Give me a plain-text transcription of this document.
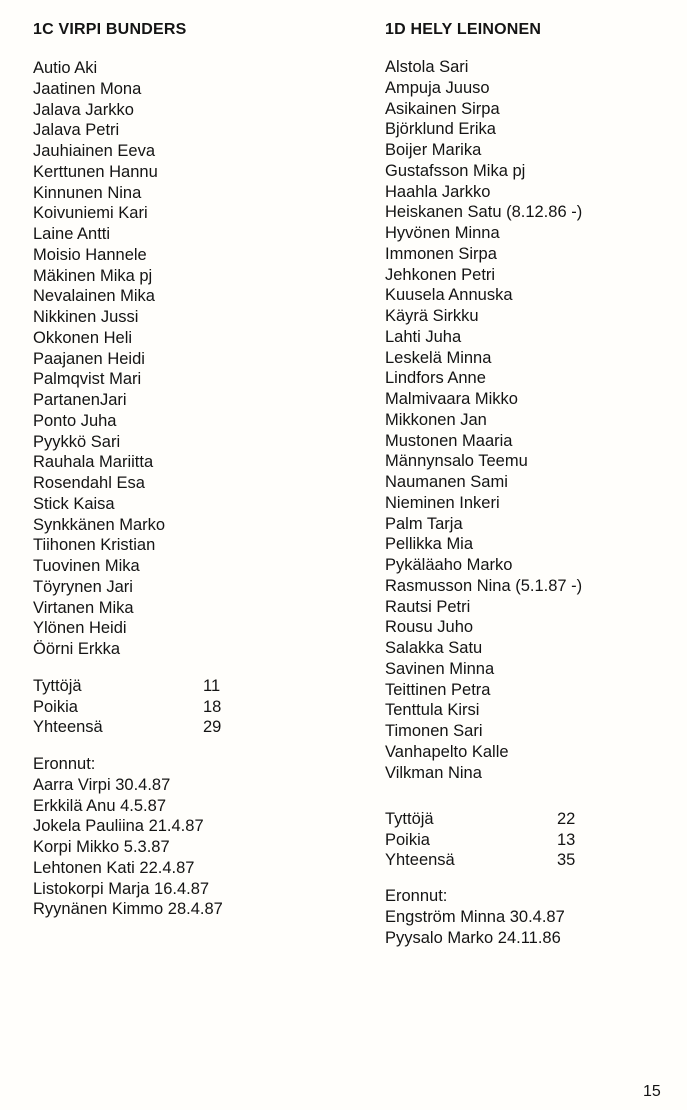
1C VIRPI BUNDERS
Autio Aki
Jaatinen Mona
Jalava Jarkko
Jalava Petri
Jauhiainen Eeva
Kerttunen Hannu
Kinnunen Nina
Koivuniemi Kari
Laine Antti
Moisio Hannele
Mäkinen Mika pj
Nevalainen Mika
Nikkinen Jussi
Okkonen Heli
Paajanen Heidi
Palmqvist Mari
PartanenJari
Ponto Juha
Pyykkö Sari
Rauhala Mariitta
Rosendahl Esa
Stick Kaisa
Synkkänen Marko
Tiihonen Kristian
Tuovinen Mika
Töyrynen Jari
Virtanen Mika
Ylönen Heidi
Öörni Erkka
Tyttöjä	11
Poikia	18
Yhteensä	29
Eronnut:
Aarra Virpi 30.4.87
Erkkilä Anu 4.5.87
Jokela Pauliina 21.4.87
Korpi Mikko 5.3.87
Lehtonen Kati 22.4.87
Listokorpi Marja 16.4.87
Ryynänen Kimmo 28.4.87
1D HELY LEINONEN
Alstola Sari
Ampuja Juuso
Asikainen Sirpa
Björklund Erika
Boijer Marika
Gustafsson Mika pj
Haahla Jarkko
Heiskanen Satu (8.12.86 -)
Hyvönen Minna
Immonen Sirpa
Jehkonen Petri
Kuusela Annuska
Käyrä Sirkku
Lahti Juha
Leskelä Minna
Lindfors Anne
Malmivaara Mikko
Mikkonen Jan
Mustonen Maaria
Männynsalo Teemu
Naumanen Sami
Nieminen Inkeri
Palm Tarja
Pellikka Mia
Pykäläaho Marko
Rasmusson Nina (5.1.87 -)
Rautsi Petri
Rousu Juho
Salakka Satu
Savinen Minna
Teittinen Petra
Tenttula Kirsi
Timonen Sari
Vanhapelto Kalle
Vilkman Nina
Tyttöjä	22
Poikia	13
Yhteensä	35
Eronnut:
Engström Minna 30.4.87
Pyysalo Marko 24.11.86
15
